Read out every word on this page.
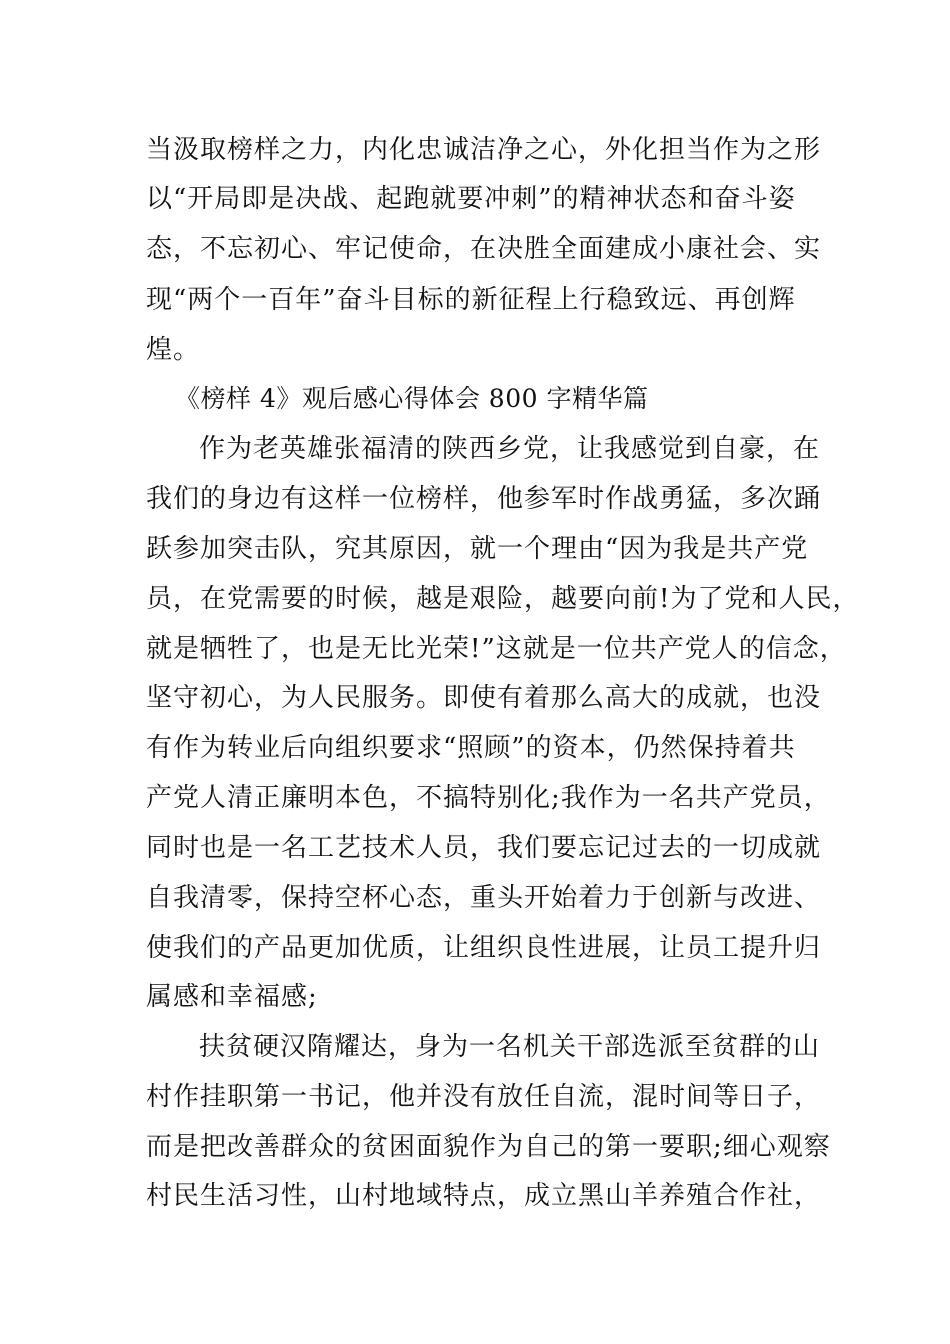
当汲取榜样之力，内化忠诚洁净之心，外化担当作为之形
以“开局即是决战、起跑就要冲刺”的精神状态和奋斗姿
态，不忘初心、牢记使命，在决胜全面建成小康社会、实
现“两个一百年”奋斗目标的新征程上行稳致远、再创辉
煌。
《榜样 4》观后感心得体会 800 字精华篇
作为老英雄张福清的陕西乡党，让我感觉到自豪，在
我们的身边有这样一位榜样，他参军时作战勇猛，多次踊
跃参加突击队，究其原因，就一个理由“因为我是共产党
员，在党需要的时候，越是艰险，越要向前!为了党和人民，
就是牺牲了，也是无比光荣!”这就是一位共产党人的信念，
坚守初心，为人民服务。即使有着那么高大的成就，也没
有作为转业后向组织要求“照顾”的资本，仍然保持着共
产党人清正廉明本色，不搞特别化;我作为一名共产党员，
同时也是一名工艺技术人员，我们要忘记过去的一切成就
自我清零，保持空杯心态，重头开始着力于创新与改进、
使我们的产品更加优质，让组织良性进展，让员工提升归
属感和幸福感;
扶贫硬汉隋耀达，身为一名机关干部选派至贫群的山
村作挂职第一书记，他并没有放任自流，混时间等日子，
而是把改善群众的贫困面貌作为自己的第一要职;细心观察
村民生活习性，山村地域特点，成立黑山羊养殖合作社，
